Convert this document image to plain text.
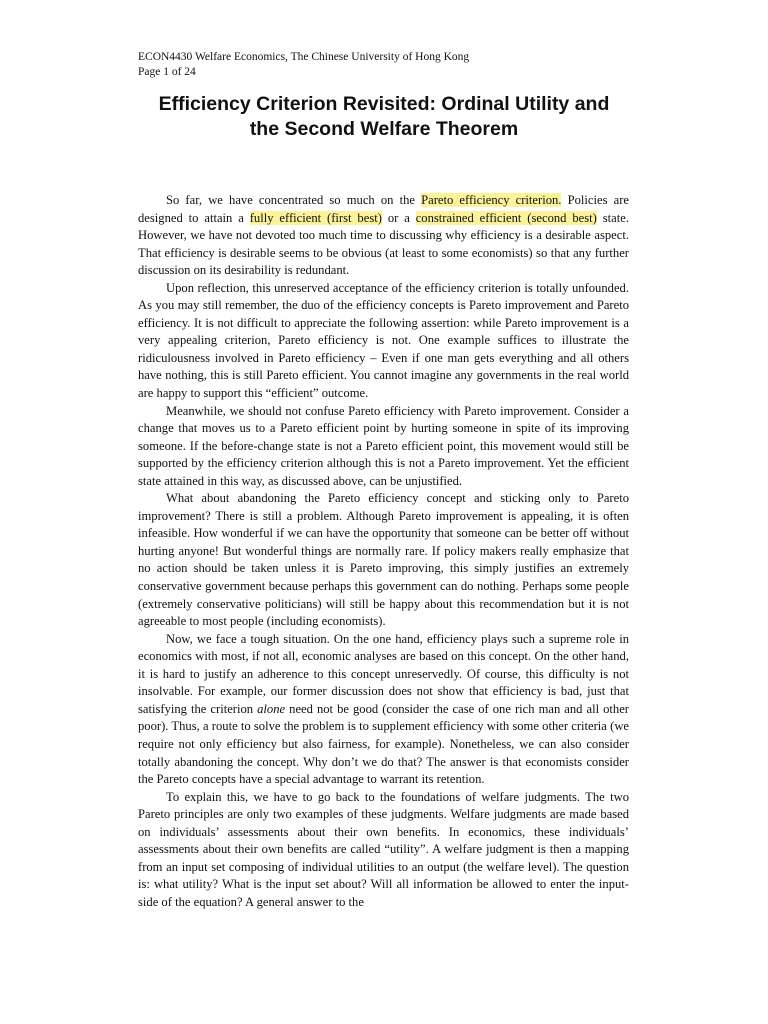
ECON4430 Welfare Economics, The Chinese University of Hong Kong
Page 1 of 24
Efficiency Criterion Revisited: Ordinal Utility and
the Second Welfare Theorem

So far, we have concentrated so much on the Pareto efficiency criterion. Policies are designed to attain a fully efficient (first best) or a constrained efficient (second best) state. However, we have not devoted too much time to discussing why efficiency is a desirable aspect. That efficiency is desirable seems to be obvious (at least to some economists) so that any further discussion on its desirability is redundant.

Upon reflection, this unreserved acceptance of the efficiency criterion is totally unfounded. As you may still remember, the duo of the efficiency concepts is Pareto improvement and Pareto efficiency. It is not difficult to appreciate the following assertion: while Pareto improvement is a very appealing criterion, Pareto efficiency is not. One example suffices to illustrate the ridiculousness involved in Pareto efficiency – Even if one man gets everything and all others have nothing, this is still Pareto efficient. You cannot imagine any governments in the real world are happy to support this “efficient” outcome.

Meanwhile, we should not confuse Pareto efficiency with Pareto improvement. Consider a change that moves us to a Pareto efficient point by hurting someone in spite of its improving someone. If the before-change state is not a Pareto efficient point, this movement would still be supported by the efficiency criterion although this is not a Pareto improvement. Yet the efficient state attained in this way, as discussed above, can be unjustified.

What about abandoning the Pareto efficiency concept and sticking only to Pareto improvement? There is still a problem. Although Pareto improvement is appealing, it is often infeasible. How wonderful if we can have the opportunity that someone can be better off without hurting anyone! But wonderful things are normally rare. If policy makers really emphasize that no action should be taken unless it is Pareto improving, this simply justifies an extremely conservative government because perhaps this government can do nothing. Perhaps some people (extremely conservative politicians) will still be happy about this recommendation but it is not agreeable to most people (including economists).

Now, we face a tough situation. On the one hand, efficiency plays such a supreme role in economics with most, if not all, economic analyses are based on this concept. On the other hand, it is hard to justify an adherence to this concept unreservedly. Of course, this difficulty is not insolvable. For example, our former discussion does not show that efficiency is bad, just that satisfying the criterion alone need not be good (consider the case of one rich man and all other poor). Thus, a route to solve the problem is to supplement efficiency with some other criteria (we require not only efficiency but also fairness, for example). Nonetheless, we can also consider totally abandoning the concept. Why don’t we do that? The answer is that economists consider the Pareto concepts have a special advantage to warrant its retention.

To explain this, we have to go back to the foundations of welfare judgments. The two Pareto principles are only two examples of these judgments. Welfare judgments are made based on individuals’ assessments about their own benefits. In economics, these individuals’ assessments about their own benefits are called “utility”. A welfare judgment is then a mapping from an input set composing of individual utilities to an output (the welfare level). The question is: what utility? What is the input set about? Will all information be allowed to enter the input-side of the equation? A general answer to the
